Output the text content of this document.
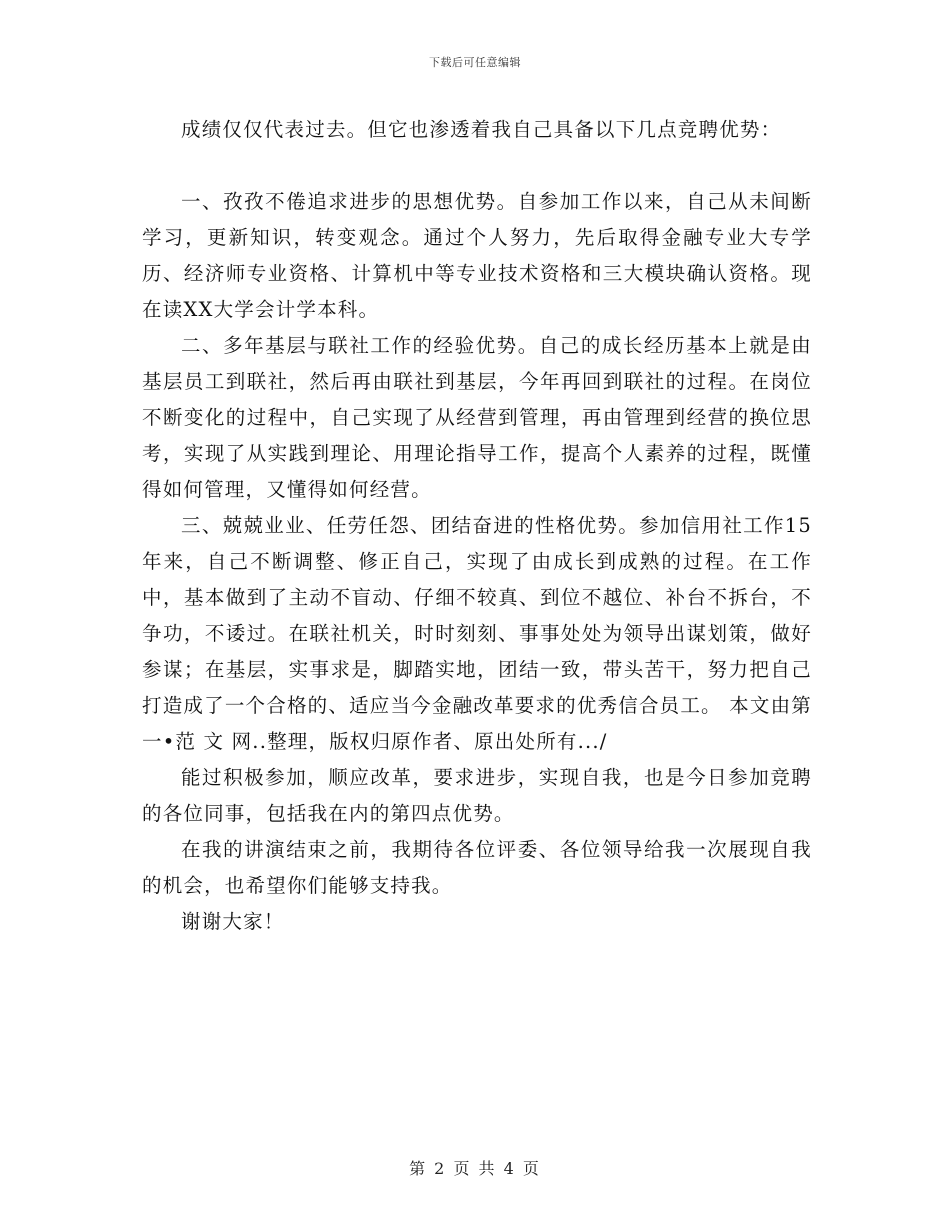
下载后可任意编辑

成绩仅仅代表过去。但它也渗透着我自己具备以下几点竞聘优势：

一、孜孜不倦追求进步的思想优势。自参加工作以来，自己从未间断学习，更新知识，转变观念。通过个人努力，先后取得金融专业大专学历、经济师专业资格、计算机中等专业技术资格和三大模块确认资格。现在读XX大学会计学本科。

二、多年基层与联社工作的经验优势。自己的成长经历基本上就是由基层员工到联社，然后再由联社到基层，今年再回到联社的过程。在岗位不断变化的过程中，自己实现了从经营到管理，再由管理到经营的换位思考，实现了从实践到理论、用理论指导工作，提高个人素养的过程，既懂得如何管理，又懂得如何经营。

三、兢兢业业、任劳任怨、团结奋进的性格优势。参加信用社工作15年来，自己不断调整、修正自己，实现了由成长到成熟的过程。在工作中，基本做到了主动不盲动、仔细不较真、到位不越位、补台不拆台，不争功，不诿过。在联社机关，时时刻刻、事事处处为领导出谋划策，做好参谋；在基层，实事求是，脚踏实地，团结一致，带头苦干，努力把自己打造成了一个合格的、适应当今金融改革要求的优秀信合员工。 本文由第 一•范 文 网..整理，版权归原作者、原出处所有.../

能过积极参加，顺应改革，要求进步，实现自我，也是今日参加竞聘的各位同事，包括我在内的第四点优势。

在我的讲演结束之前，我期待各位评委、各位领导给我一次展现自我的机会，也希望你们能够支持我。

谢谢大家！

第 2 页 共 4 页
